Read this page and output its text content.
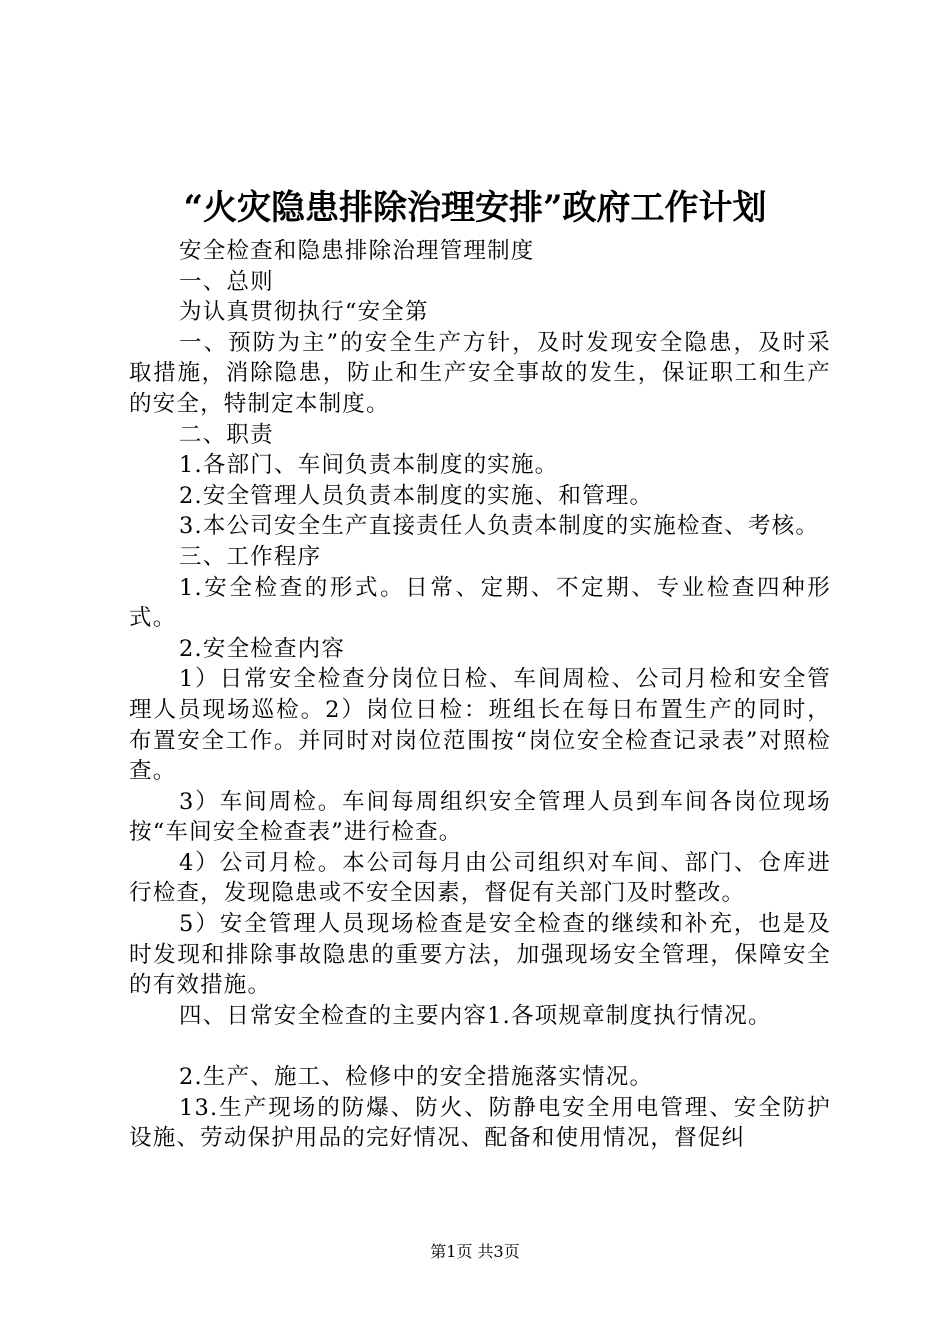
“火灾隐患排除治理安排”政府工作计划

安全检查和隐患排除治理管理制度

一、总则

为认真贯彻执行“安全第

一、预防为主”的安全生产方针，及时发现安全隐患，及时采取措施，消除隐患，防止和生产安全事故的发生，保证职工和生产的安全，特制定本制度。

二、职责

1.各部门、车间负责本制度的实施。

2.安全管理人员负责本制度的实施、和管理。

3.本公司安全生产直接责任人负责本制度的实施检查、考核。

三、工作程序

1.安全检查的形式。日常、定期、不定期、专业检查四种形式。

2.安全检查内容

1）日常安全检查分岗位日检、车间周检、公司月检和安全管理人员现场巡检。2）岗位日检：班组长在每日布置生产的同时，布置安全工作。并同时对岗位范围按“岗位安全检查记录表”对照检查。

3）车间周检。车间每周组织安全管理人员到车间各岗位现场按“车间安全检查表”进行检查。

4）公司月检。本公司每月由公司组织对车间、部门、仓库进行检查，发现隐患或不安全因素，督促有关部门及时整改。

5）安全管理人员现场检查是安全检查的继续和补充，也是及时发现和排除事故隐患的重要方法，加强现场安全管理，保障安全的有效措施。

四、日常安全检查的主要内容1.各项规章制度执行情况。

2.生产、施工、检修中的安全措施落实情况。

13.生产现场的防爆、防火、防静电安全用电管理、安全防护设施、劳动保护用品的完好情况、配备和使用情况，督促纠

第1页 共3页
